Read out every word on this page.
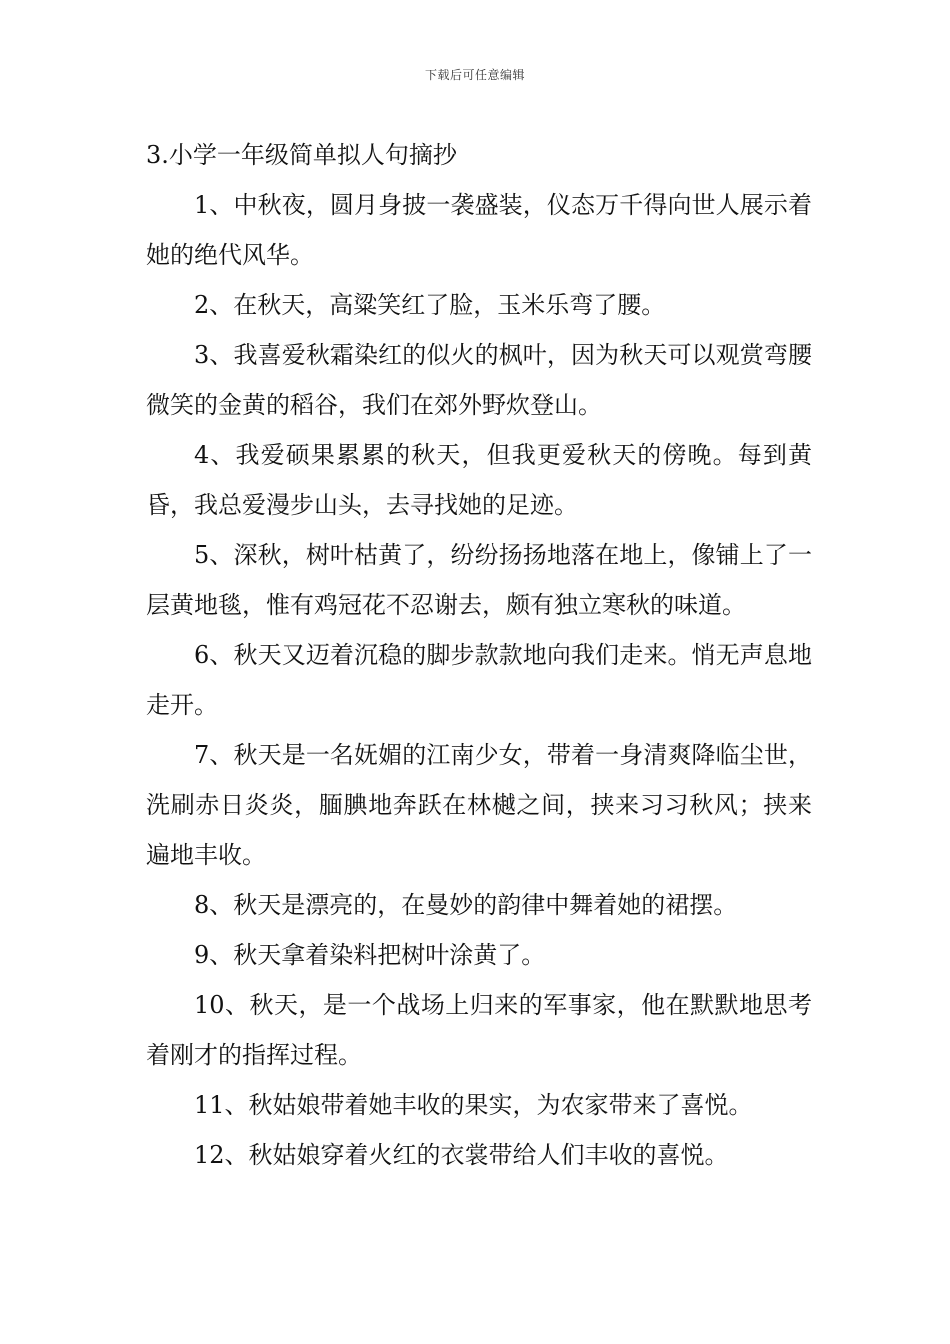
下载后可任意编辑

3.小学一年级简单拟人句摘抄

1、中秋夜，圆月身披一袭盛装，仪态万千得向世人展示着她的绝代风华。

2、在秋天，高粱笑红了脸，玉米乐弯了腰。

3、我喜爱秋霜染红的似火的枫叶，因为秋天可以观赏弯腰微笑的金黄的稻谷，我们在郊外野炊登山。

4、我爱硕果累累的秋天，但我更爱秋天的傍晚。每到黄昏，我总爱漫步山头，去寻找她的足迹。

5、深秋，树叶枯黄了，纷纷扬扬地落在地上，像铺上了一层黄地毯，惟有鸡冠花不忍谢去，颇有独立寒秋的味道。

6、秋天又迈着沉稳的脚步款款地向我们走来。悄无声息地走开。

7、秋天是一名妩媚的江南少女，带着一身清爽降临尘世，洗刷赤日炎炎，腼腆地奔跃在林樾之间，挟来习习秋风；挟来遍地丰收。

8、秋天是漂亮的，在曼妙的韵律中舞着她的裙摆。

9、秋天拿着染料把树叶涂黄了。

10、秋天，是一个战场上归来的军事家，他在默默地思考着刚才的指挥过程。

11、秋姑娘带着她丰收的果实，为农家带来了喜悦。

12、秋姑娘穿着火红的衣裳带给人们丰收的喜悦。
